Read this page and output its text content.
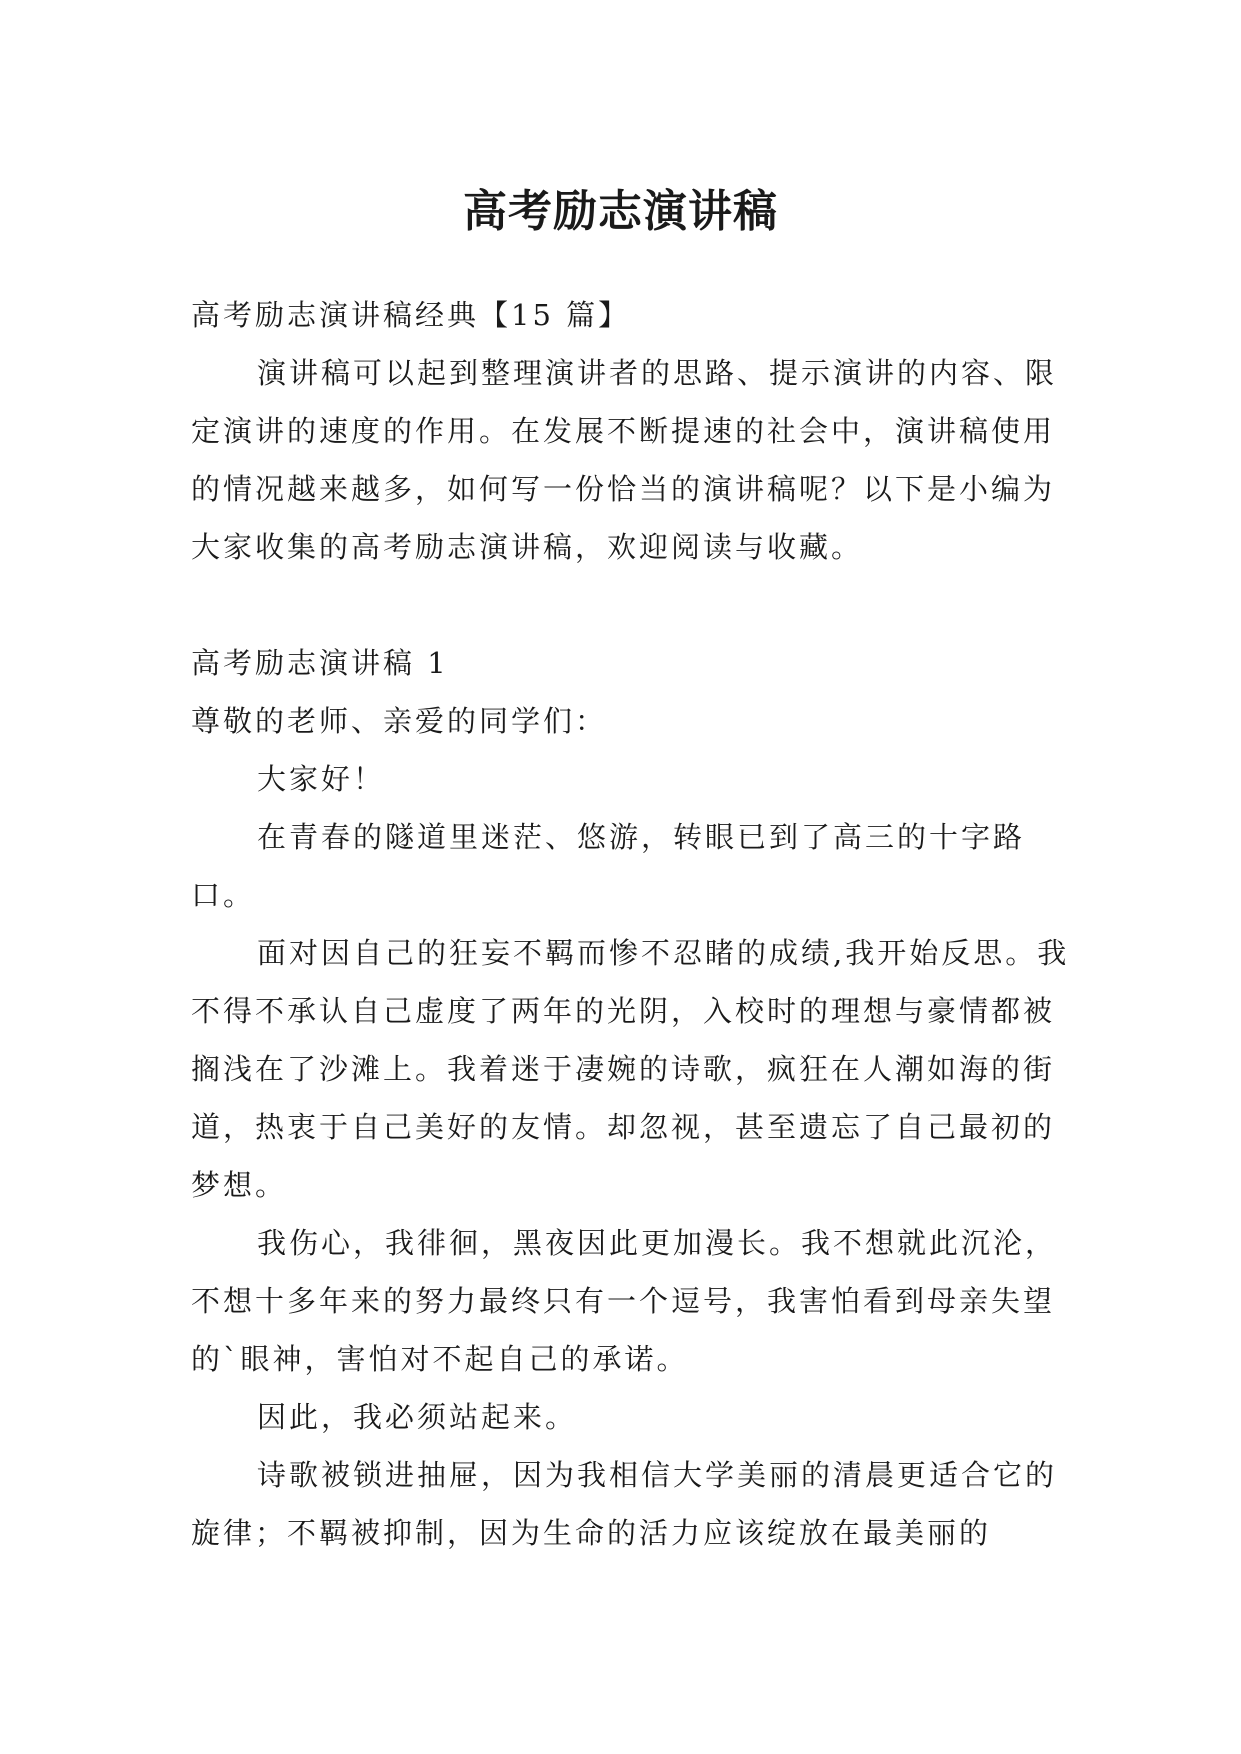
高考励志演讲稿

高考励志演讲稿经典【15 篇】

演讲稿可以起到整理演讲者的思路、提示演讲的内容、限定演讲的速度的作用。在发展不断提速的社会中，演讲稿使用的情况越来越多，如何写一份恰当的演讲稿呢？以下是小编为大家收集的高考励志演讲稿，欢迎阅读与收藏。

高考励志演讲稿 1

尊敬的老师、亲爱的同学们：

大家好！

在青春的隧道里迷茫、悠游，转眼已到了高三的十字路口。

面对因自己的狂妄不羁而惨不忍睹的成绩,我开始反思。我不得不承认自己虚度了两年的光阴，入校时的理想与豪情都被搁浅在了沙滩上。我着迷于凄婉的诗歌，疯狂在人潮如海的街道，热衷于自己美好的友情。却忽视，甚至遗忘了自己最初的梦想。

我伤心，我徘徊，黑夜因此更加漫长。我不想就此沉沦，不想十多年来的努力最终只有一个逗号，我害怕看到母亲失望的`眼神，害怕对不起自己的承诺。

因此，我必须站起来。

诗歌被锁进抽屉，因为我相信大学美丽的清晨更适合它的旋律；不羁被抑制，因为生命的活力应该绽放在最美丽的
